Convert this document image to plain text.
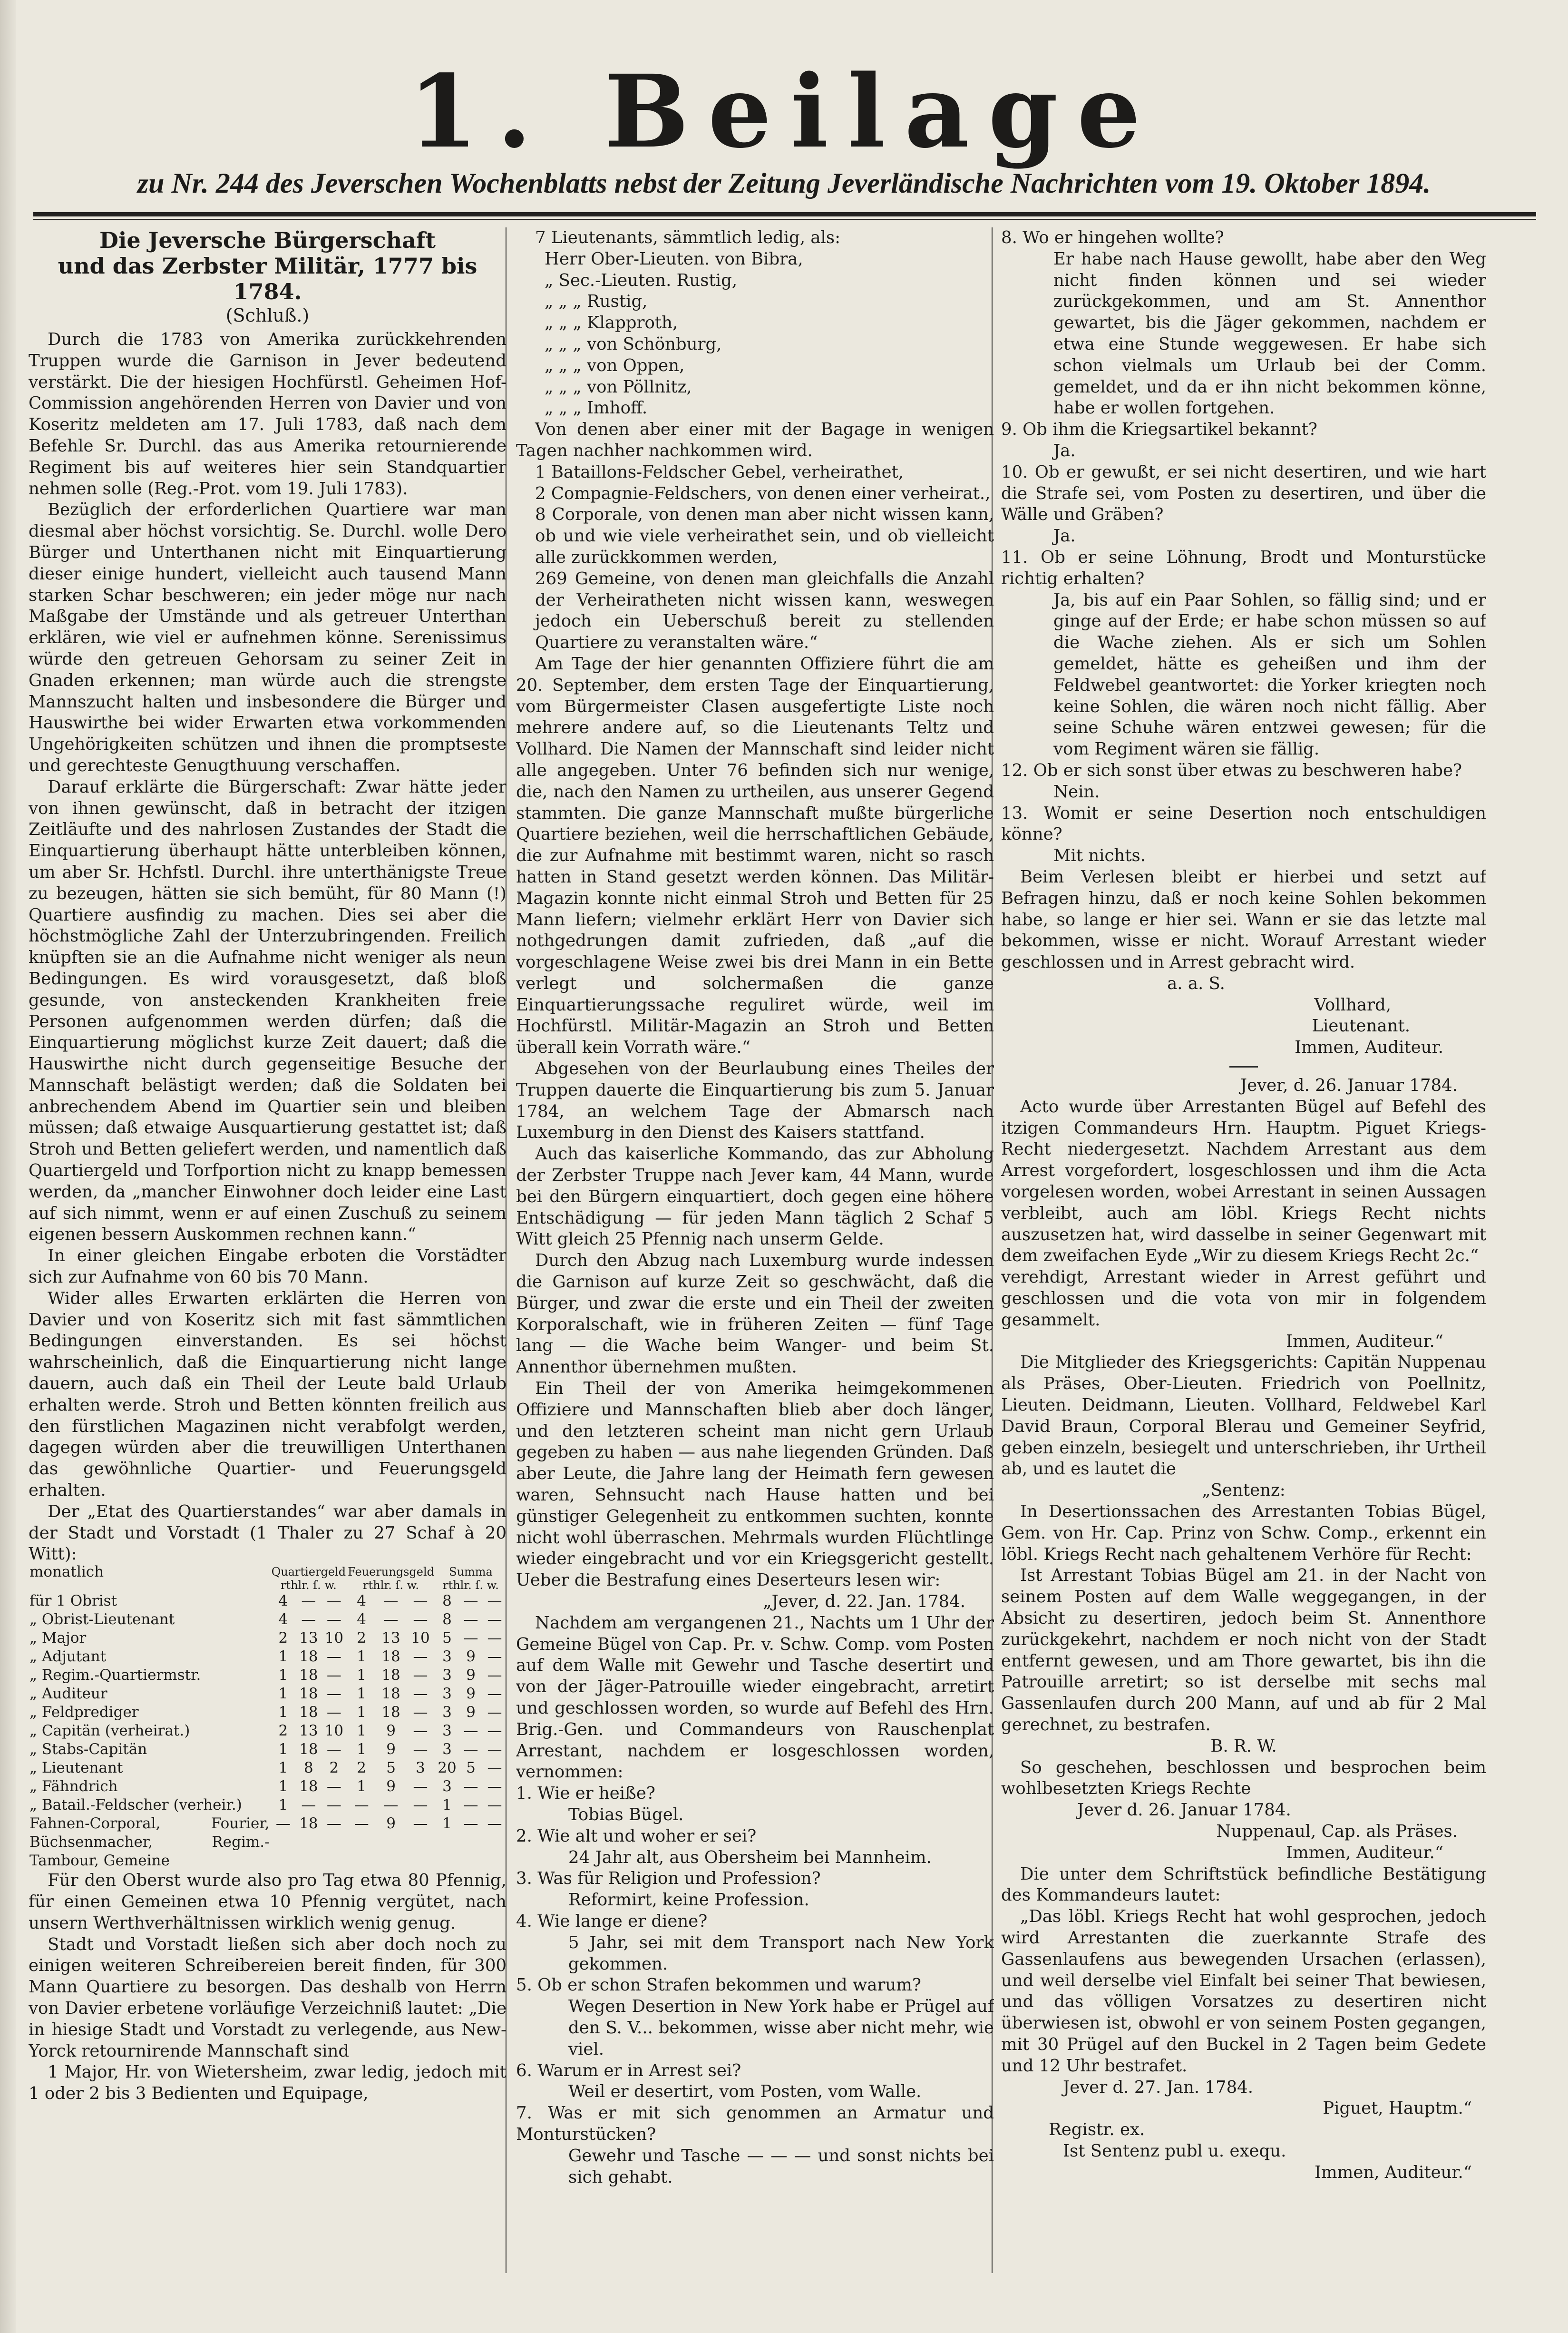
1. Beilage
zu Nr. 244 des Jeverschen Wochenblatts nebst der Zeitung Jeverländische Nachrichten vom 19. Oktober 1894.
Die Jeversche Bürgerschaft
und das Zerbster Militär, 1777 bis 1784.
(Schluß.)

Durch die 1783 von Amerika zurückkehrenden Truppen wurde die Garnison in Jever bedeutend verstärkt. Die der hiesigen Hochfürstl. Geheimen Hof-Commission angehörenden Herren von Davier und von Koseritz meldeten am 17. Juli 1783, daß nach dem Befehle Sr. Durchl. das aus Amerika retournierende Regiment bis auf weiteres hier sein Standquartier nehmen solle (Reg.-Prot. vom 19. Juli 1783).

Bezüglich der erforderlichen Quartiere war man diesmal aber höchst vorsichtig. Se. Durchl. wolle Dero Bürger und Unterthanen nicht mit Einquartierung dieser einige hundert, vielleicht auch tausend Mann starken Schar beschweren; ein jeder möge nur nach Maßgabe der Umstände und als getreuer Unterthan erklären, wie viel er aufnehmen könne. Serenissimus würde den getreuen Gehorsam zu seiner Zeit in Gnaden erkennen; man würde auch die strengste Mannszucht halten und insbesondere die Bürger und Hauswirthe bei wider Erwarten etwa vorkommenden Ungehörigkeiten schützen und ihnen die promptseste und gerechteste Genugthuung verschaffen.

Darauf erklärte die Bürgerschaft: Zwar hätte jeder von ihnen gewünscht, daß in betracht der itzigen Zeitläufte und des nahrlosen Zustandes der Stadt die Einquartierung überhaupt hätte unterbleiben können, um aber Sr. Hchfstl. Durchl. ihre unterthänigste Treue zu bezeugen, hätten sie sich bemüht, für 80 Mann (!) Quartiere ausfindig zu machen. Dies sei aber die höchstmögliche Zahl der Unterzubringenden. Freilich knüpften sie an die Aufnahme nicht weniger als neun Bedingungen. Es wird vorausgesetzt, daß bloß gesunde, von ansteckenden Krankheiten freie Personen aufgenommen werden dürfen; daß die Einquartierung möglichst kurze Zeit dauert; daß die Hauswirthe nicht durch gegenseitige Besuche der Mannschaft belästigt werden; daß die Soldaten bei anbrechendem Abend im Quartier sein und bleiben müssen; daß etwaige Ausquartierung gestattet ist; daß Stroh und Betten geliefert werden, und namentlich daß Quartiergeld und Torfportion nicht zu knapp bemessen werden, da „mancher Einwohner doch leider eine Last auf sich nimmt, wenn er auf einen Zuschuß zu seinem eigenen bessern Auskommen rechnen kann.“

In einer gleichen Eingabe erboten die Vorstädter sich zur Aufnahme von 60 bis 70 Mann.

Wider alles Erwarten erklärten die Herren von Davier und von Koseritz sich mit fast sämmtlichen Bedingungen einverstanden. Es sei höchst wahrscheinlich, daß die Einquartierung nicht lange dauern, auch daß ein Theil der Leute bald Urlaub erhalten werde. Stroh und Betten könnten freilich aus den fürstlichen Magazinen nicht verabfolgt werden, dagegen würden aber die treuwilligen Unterthanen das gewöhnliche Quartier- und Feuerungsgeld erhalten.

Der „Etat des Quartierstandes“ war aber damals in der Stadt und Vorstadt (1 Thaler zu 27 Schaf à 20 Witt):

monatlich	Quartiergeld rthlr. ſ. w.			Feuerungsgeld rthlr. ſ. w.			Summa rthlr. ſ. w.		
für 1 Obrist	4	—	—	4	—	—	8	—	—
„ Obrist-Lieutenant	4	—	—	4	—	—	8	—	—
„ Major	2	13	10	2	13	10	5	—	—
„ Adjutant	1	18	—	1	18	—	3	9	—
„ Regim.-Quartiermstr.	1	18	—	1	18	—	3	9	—
„ Auditeur	1	18	—	1	18	—	3	9	—
„ Feldprediger	1	18	—	1	18	—	3	9	—
„ Capitän (verheirat.)	2	13	10	1	9	—	3	—	—
„ Stabs-Capitän	1	18	—	1	9	—	3	—	—
„ Lieutenant	1	8	2	2	5	3	20	5	—
„ Fähndrich	1	18	—	1	9	—	3	—	—
„ Batail.-Feldscher (verheir.)	1	—	—	—	—	—	1	—	—
Fahnen-Corporal, Fourier, Büchsenmacher, Regim.-Tambour, Gemeine	—	18	—	—	9	—	1	—	—

Für den Oberst wurde also pro Tag etwa 80 Pfennig, für einen Gemeinen etwa 10 Pfennig vergütet, nach unsern Werthverhältnissen wirklich wenig genug.

Stadt und Vorstadt ließen sich aber doch noch zu einigen weiteren Schreibereien bereit finden, für 300 Mann Quartiere zu besorgen. Das deshalb von Herrn von Davier erbetene vorläufige Verzeichniß lautet: „Die in hiesige Stadt und Vorstadt zu verlegende, aus New-Yorck retournirende Mannschaft sind

1 Major, Hr. von Wietersheim, zwar ledig, jedoch mit 1 oder 2 bis 3 Bedienten und Equipage,

7 Lieutenants, sämmtlich ledig, als:

Herr Ober-Lieuten. von Bibra,

„ Sec.-Lieuten. Rustig,

„ „ „ Rustig,

„ „ „ Klapproth,

„ „ „ von Schönburg,

„ „ „ von Oppen,

„ „ „ von Pöllnitz,

„ „ „ Imhoff.

Von denen aber einer mit der Bagage in wenigen Tagen nachher nachkommen wird.

1 Bataillons-Feldscher Gebel, verheirathet,

2 Compagnie-Feldschers, von denen einer verheirat.,

8 Corporale, von denen man aber nicht wissen kann, ob und wie viele verheirathet sein, und ob vielleicht alle zurückkommen werden,

269 Gemeine, von denen man gleichfalls die Anzahl der Verheiratheten nicht wissen kann, weswegen jedoch ein Ueberschuß bereit zu stellenden Quartiere zu veranstalten wäre.“

Am Tage der hier genannten Offiziere führt die am 20. September, dem ersten Tage der Einquartierung, vom Bürgermeister Clasen ausgefertigte Liste noch mehrere andere auf, so die Lieutenants Teltz und Vollhard. Die Namen der Mannschaft sind leider nicht alle angegeben. Unter 76 befinden sich nur wenige, die, nach den Namen zu urtheilen, aus unserer Gegend stammten. Die ganze Mannschaft mußte bürgerliche Quartiere beziehen, weil die herrschaftlichen Gebäude, die zur Aufnahme mit bestimmt waren, nicht so rasch hatten in Stand gesetzt werden können. Das Militär-Magazin konnte nicht einmal Stroh und Betten für 25 Mann liefern; vielmehr erklärt Herr von Davier sich nothgedrungen damit zufrieden, daß „auf die vorgeschlagene Weise zwei bis drei Mann in ein Bette verlegt und solchermaßen die ganze Einquartierungssache reguliret würde, weil im Hochfürstl. Militär-Magazin an Stroh und Betten überall kein Vorrath wäre.“

Abgesehen von der Beurlaubung eines Theiles der Truppen dauerte die Einquartierung bis zum 5. Januar 1784, an welchem Tage der Abmarsch nach Luxemburg in den Dienst des Kaisers stattfand.

Auch das kaiserliche Kommando, das zur Abholung der Zerbster Truppe nach Jever kam, 44 Mann, wurde bei den Bürgern einquartiert, doch gegen eine höhere Entschädigung — für jeden Mann täglich 2 Schaf 5 Witt gleich 25 Pfennig nach unserm Gelde.

Durch den Abzug nach Luxemburg wurde indessen die Garnison auf kurze Zeit so geschwächt, daß die Bürger, und zwar die erste und ein Theil der zweiten Korporalschaft, wie in früheren Zeiten — fünf Tage lang — die Wache beim Wanger- und beim St. Annenthor übernehmen mußten.

Ein Theil der von Amerika heimgekommenen Offiziere und Mannschaften blieb aber doch länger, und den letzteren scheint man nicht gern Urlaub gegeben zu haben — aus nahe liegenden Gründen. Daß aber Leute, die Jahre lang der Heimath fern gewesen waren, Sehnsucht nach Hause hatten und bei günstiger Gelegenheit zu entkommen suchten, konnte nicht wohl überraschen. Mehrmals wurden Flüchtlinge wieder eingebracht und vor ein Kriegsgericht gestellt. Ueber die Bestrafung eines Deserteurs lesen wir:

„Jever, d. 22. Jan. 1784.

Nachdem am vergangenen 21., Nachts um 1 Uhr der Gemeine Bügel von Cap. Pr. v. Schw. Comp. vom Posten auf dem Walle mit Gewehr und Tasche desertirt und von der Jäger-Patrouille wieder eingebracht, arretirt und geschlossen worden, so wurde auf Befehl des Hrn. Brig.-Gen. und Commandeurs von Rauschenplat Arrestant, nachdem er losgeschlossen worden, vernommen:

1. Wie er heiße?

Tobias Bügel.

2. Wie alt und woher er sei?

24 Jahr alt, aus Obersheim bei Mannheim.

3. Was für Religion und Profession?

Reformirt, keine Profession.

4. Wie lange er diene?

5 Jahr, sei mit dem Transport nach New York gekommen.

5. Ob er schon Strafen bekommen und warum?

Wegen Desertion in New York habe er Prügel auf den S. V... bekommen, wisse aber nicht mehr, wie viel.

6. Warum er in Arrest sei?

Weil er desertirt, vom Posten, vom Walle.

7. Was er mit sich genommen an Armatur und Monturstücken?

Gewehr und Tasche — — — und sonst nichts bei sich gehabt.

8. Wo er hingehen wollte?

Er habe nach Hause gewollt, habe aber den Weg nicht finden können und sei wieder zurückgekommen, und am St. Annenthor gewartet, bis die Jäger gekommen, nachdem er etwa eine Stunde weggewesen. Er habe sich schon vielmals um Urlaub bei der Comm. gemeldet, und da er ihn nicht bekommen könne, habe er wollen fortgehen.

9. Ob ihm die Kriegsartikel bekannt?

Ja.

10. Ob er gewußt, er sei nicht desertiren, und wie hart die Strafe sei, vom Posten zu desertiren, und über die Wälle und Gräben?

Ja.

11. Ob er seine Löhnung, Brodt und Monturstücke richtig erhalten?

Ja, bis auf ein Paar Sohlen, so fällig sind; und er ginge auf der Erde; er habe schon müssen so auf die Wache ziehen. Als er sich um Sohlen gemeldet, hätte es geheißen und ihm der Feldwebel geantwortet: die Yorker kriegten noch keine Sohlen, die wären noch nicht fällig. Aber seine Schuhe wären entzwei gewesen; für die vom Regiment wären sie fällig.

12. Ob er sich sonst über etwas zu beschweren habe?

Nein.

13. Womit er seine Desertion noch entschuldigen könne?

Mit nichts.

Beim Verlesen bleibt er hierbei und setzt auf Befragen hinzu, daß er noch keine Sohlen bekommen habe, so lange er hier sei. Wann er sie das letzte mal bekommen, wisse er nicht. Worauf Arrestant wieder geschlossen und in Arrest gebracht wird.

a. a. S.

Vollhard,

Lieutenant.

Immen, Auditeur.

Jever, d. 26. Januar 1784.

Acto wurde über Arrestanten Bügel auf Befehl des itzigen Commandeurs Hrn. Hauptm. Piguet Kriegs-Recht niedergesetzt. Nachdem Arrestant aus dem Arrest vorgefordert, losgeschlossen und ihm die Acta vorgelesen worden, wobei Arrestant in seinen Aussagen verbleibt, auch am löbl. Kriegs Recht nichts auszusetzen hat, wird dasselbe in seiner Gegenwart mit dem zweifachen Eyde „Wir zu diesem Kriegs Recht 2c.“

verehdigt, Arrestant wieder in Arrest geführt und geschlossen und die vota von mir in folgendem gesammelt.

Immen, Auditeur.“

Die Mitglieder des Kriegsgerichts: Capitän Nuppenau als Präses, Ober-Lieuten. Friedrich von Poellnitz, Lieuten. Deidmann, Lieuten. Vollhard, Feldwebel Karl David Braun, Corporal Blerau und Gemeiner Seyfrid, geben einzeln, besiegelt und unterschrieben, ihr Urtheil ab, und es lautet die

„Sentenz:

In Desertionssachen des Arrestanten Tobias Bügel, Gem. von Hr. Cap. Prinz von Schw. Comp., erkennt ein löbl. Kriegs Recht nach gehaltenem Verhöre für Recht:

Ist Arrestant Tobias Bügel am 21. in der Nacht von seinem Posten auf dem Walle weggegangen, in der Absicht zu desertiren, jedoch beim St. Annenthore zurückgekehrt, nachdem er noch nicht von der Stadt entfernt gewesen, und am Thore gewartet, bis ihn die Patrouille arretirt; so ist derselbe mit sechs mal Gassenlaufen durch 200 Mann, auf und ab für 2 Mal gerechnet, zu bestrafen.

B. R. W.

So geschehen, beschlossen und besprochen beim wohlbesetzten Kriegs Rechte

Jever d. 26. Januar 1784.

Nuppenaul, Cap. als Präses.

Immen, Auditeur.“

Die unter dem Schriftstück befindliche Bestätigung des Kommandeurs lautet:

„Das löbl. Kriegs Recht hat wohl gesprochen, jedoch wird Arrestanten die zuerkannte Strafe des Gassenlaufens aus bewegenden Ursachen (erlassen), und weil derselbe viel Einfalt bei seiner That bewiesen, und das völligen Vorsatzes zu desertiren nicht überwiesen ist, obwohl er von seinem Posten gegangen, mit 30 Prügel auf den Buckel in 2 Tagen beim Gedete und 12 Uhr bestrafet.

Jever d. 27. Jan. 1784.

Piguet, Hauptm.“

Registr. ex.

Ist Sentenz publ u. exequ.

Immen, Auditeur.“
